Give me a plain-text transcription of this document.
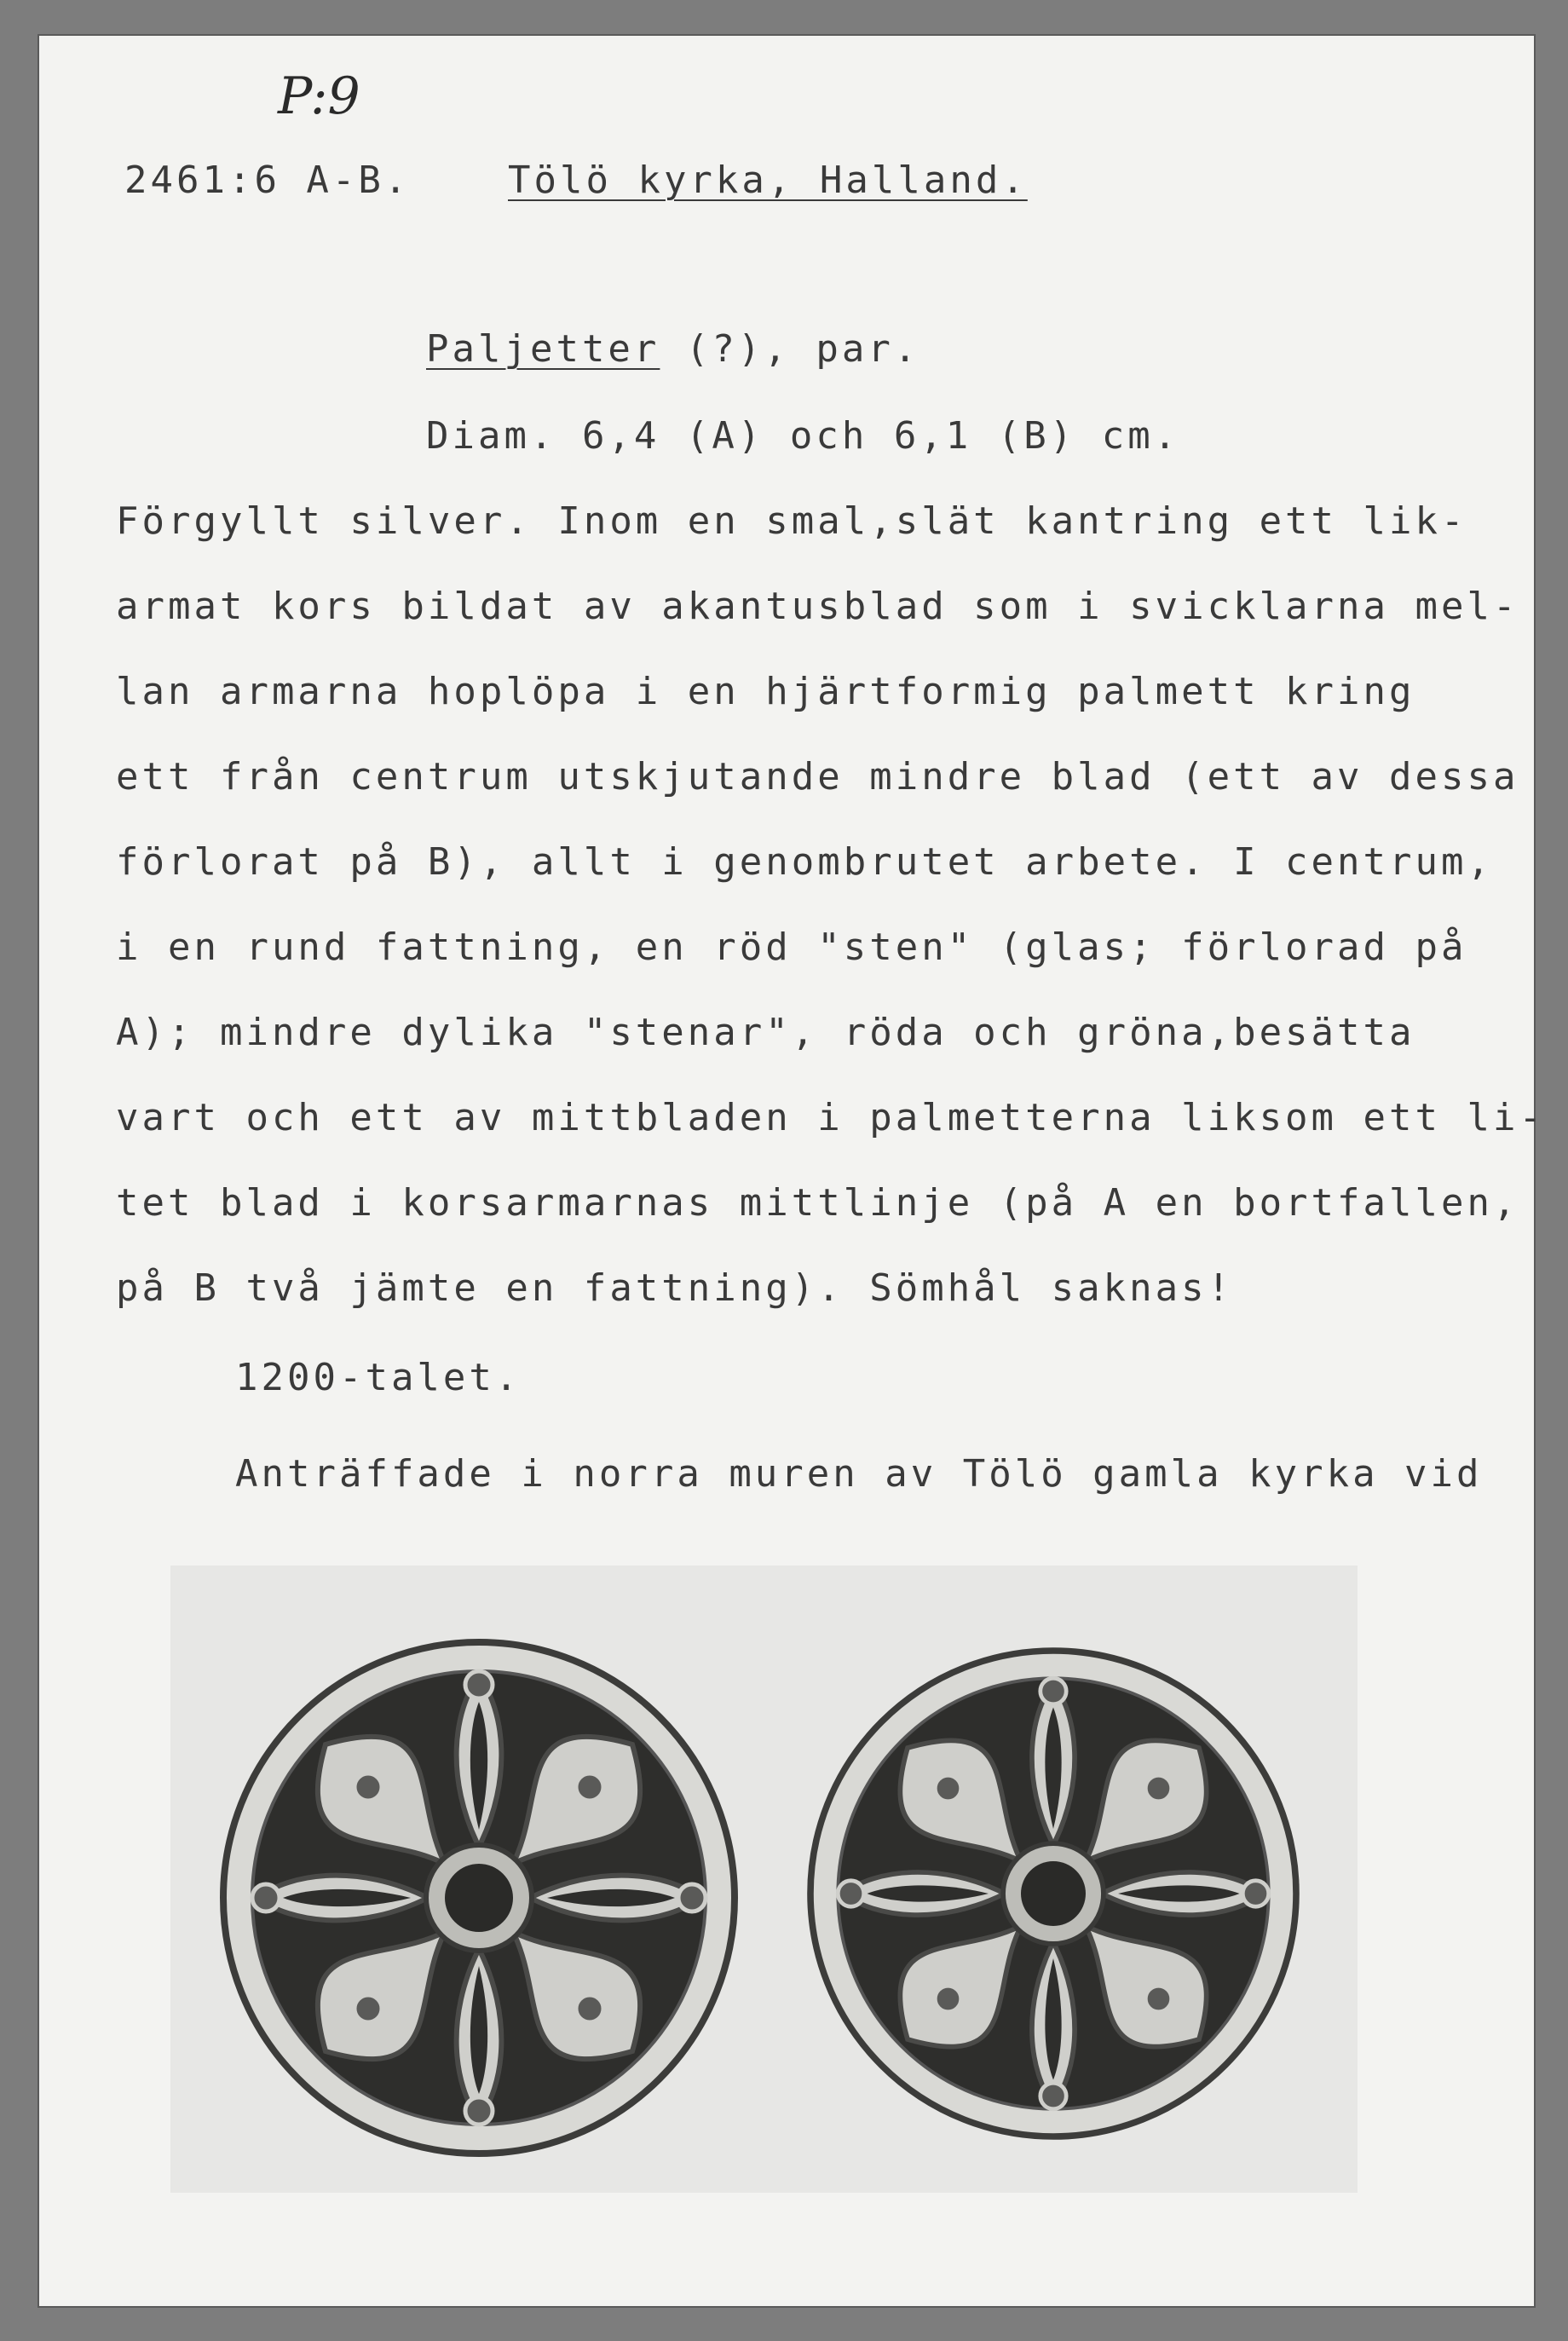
P:9
2461:6 A-B.	Tölö kyrka, Halland.
Paljetter (?), par.
Diam. 6,4 (A) och 6,1 (B) cm.
Förgyllt silver. Inom en smal,slät kantring ett lik-
armat kors bildat av akantusblad som i svicklarna mel-
lan armarna hoplöpa i en hjärtformig palmett kring
ett från centrum utskjutande mindre blad (ett av dessa
förlorat på B), allt i genombrutet arbete. I centrum,
i en rund fattning, en röd "sten" (glas; förlorad på
A); mindre dylika "stenar", röda och gröna,besätta
vart och ett av mittbladen i palmetterna liksom ett li-
tet blad i korsarmarnas mittlinje (på A en bortfallen,
på B två jämte en fattning). Sömhål saknas!
1200-talet.
Anträffade i norra muren av Tölö gamla kyrka vid
